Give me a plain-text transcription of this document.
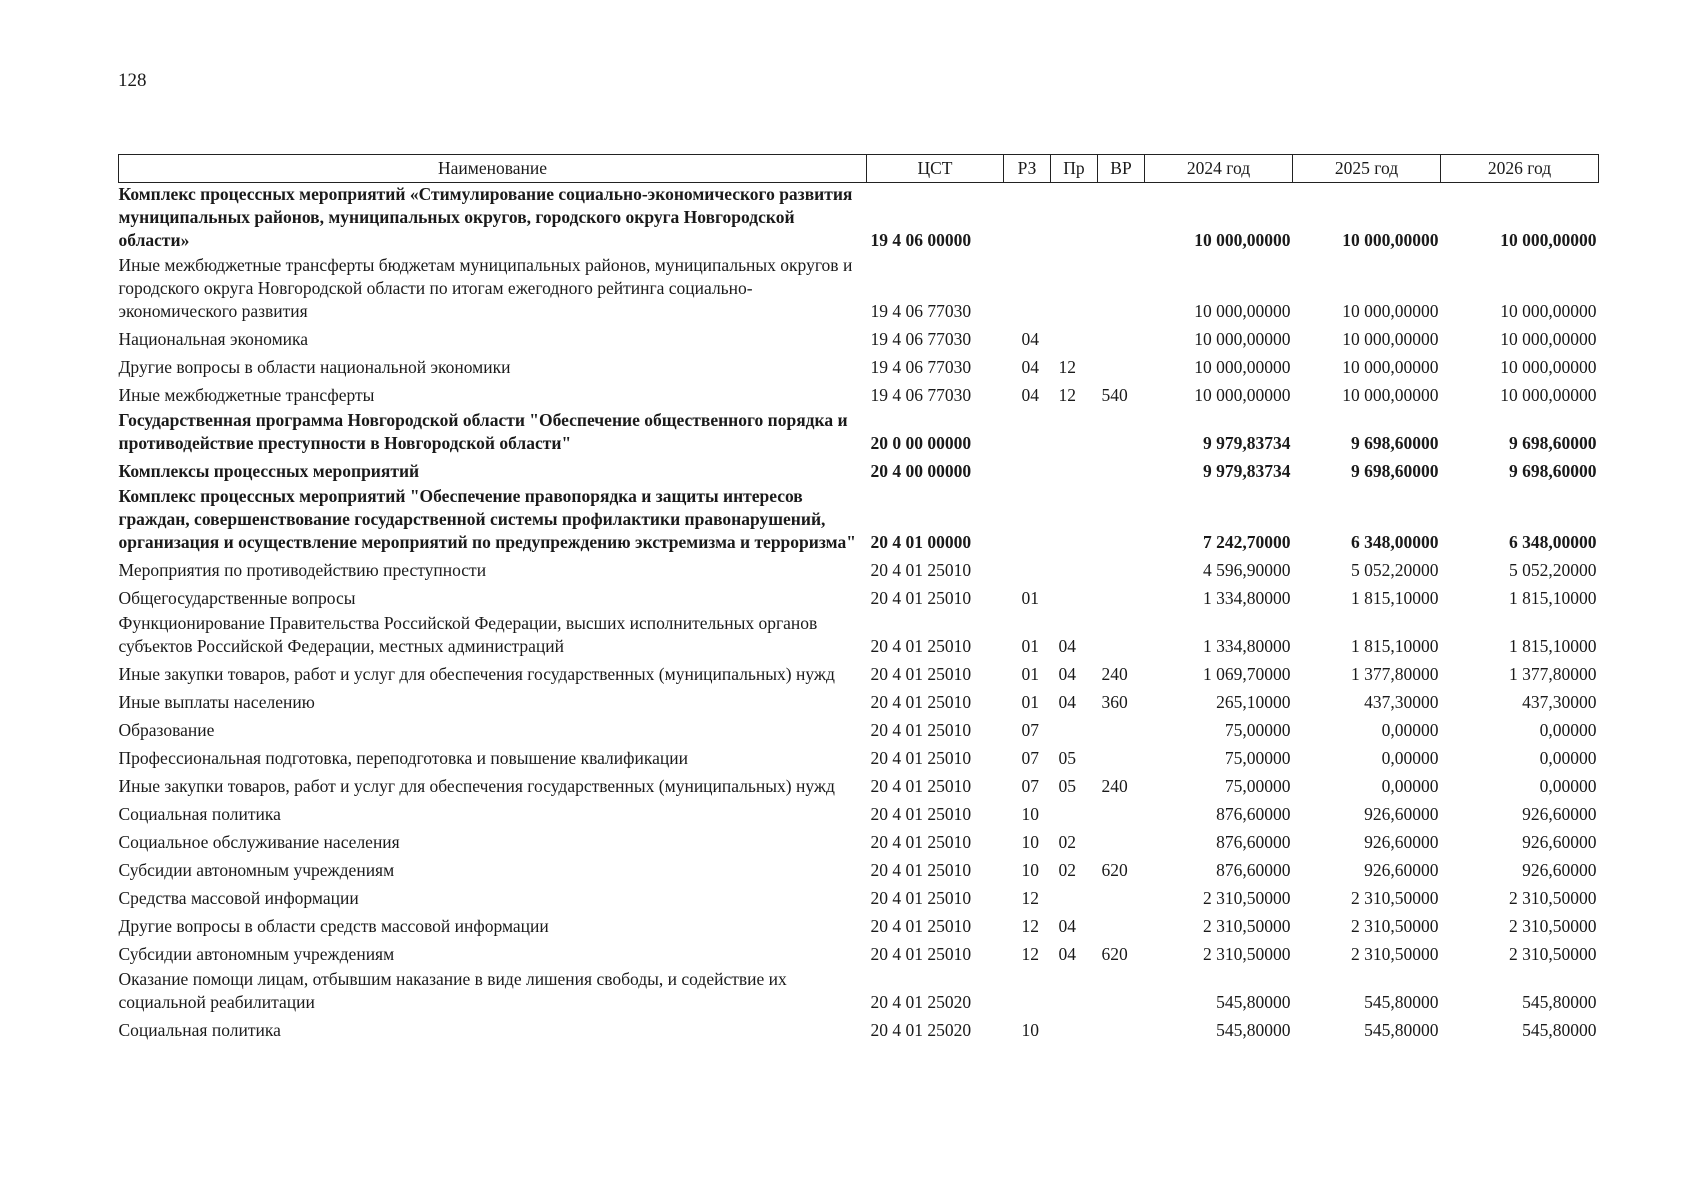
128
Наименование	ЦСТ	РЗ	Пр	ВР	2024 год	2025 год	2026 год
Комплекс процессных мероприятий «Стимулирование социально-экономического развития муниципальных районов, муниципальных округов, городского округа Новгородской области»	19 4 06 00000				10 000,00000	10 000,00000	10 000,00000
Иные межбюджетные трансферты бюджетам муниципальных районов, муниципальных округов и городского округа Новгородской области по итогам ежегодного рейтинга социально-экономического развития	19 4 06 77030				10 000,00000	10 000,00000	10 000,00000
Национальная экономика	19 4 06 77030	04			10 000,00000	10 000,00000	10 000,00000
Другие вопросы в области национальной экономики	19 4 06 77030	04	12		10 000,00000	10 000,00000	10 000,00000
Иные межбюджетные трансферты	19 4 06 77030	04	12	540	10 000,00000	10 000,00000	10 000,00000
Государственная программа Новгородской области "Обеспечение общественного порядка и противодействие преступности в Новгородской области"	20 0 00 00000				9 979,83734	9 698,60000	9 698,60000
Комплексы процессных мероприятий	20 4 00 00000				9 979,83734	9 698,60000	9 698,60000
Комплекс процессных мероприятий "Обеспечение правопорядка и защиты интересов граждан, совершенствование государственной системы профилактики правонарушений, организация и осуществление мероприятий по предупреждению экстремизма и терроризма"	20 4 01 00000				7 242,70000	6 348,00000	6 348,00000
Мероприятия по противодействию преступности	20 4 01 25010				4 596,90000	5 052,20000	5 052,20000
Общегосударственные вопросы	20 4 01 25010	01			1 334,80000	1 815,10000	1 815,10000
Функционирование Правительства Российской Федерации, высших исполнительных органов субъектов Российской Федерации, местных администраций	20 4 01 25010	01	04		1 334,80000	1 815,10000	1 815,10000
Иные закупки товаров, работ и услуг для обеспечения государственных (муниципальных) нужд	20 4 01 25010	01	04	240	1 069,70000	1 377,80000	1 377,80000
Иные выплаты населению	20 4 01 25010	01	04	360	265,10000	437,30000	437,30000
Образование	20 4 01 25010	07			75,00000	0,00000	0,00000
Профессиональная подготовка, переподготовка и повышение квалификации	20 4 01 25010	07	05		75,00000	0,00000	0,00000
Иные закупки товаров, работ и услуг для обеспечения государственных (муниципальных) нужд	20 4 01 25010	07	05	240	75,00000	0,00000	0,00000
Социальная политика	20 4 01 25010	10			876,60000	926,60000	926,60000
Социальное обслуживание населения	20 4 01 25010	10	02		876,60000	926,60000	926,60000
Субсидии автономным учреждениям	20 4 01 25010	10	02	620	876,60000	926,60000	926,60000
Средства массовой информации	20 4 01 25010	12			2 310,50000	2 310,50000	2 310,50000
Другие вопросы в области средств массовой информации	20 4 01 25010	12	04		2 310,50000	2 310,50000	2 310,50000
Субсидии автономным учреждениям	20 4 01 25010	12	04	620	2 310,50000	2 310,50000	2 310,50000
Оказание помощи лицам, отбывшим наказание в виде лишения свободы, и содействие их социальной реабилитации	20 4 01 25020				545,80000	545,80000	545,80000
Социальная политика	20 4 01 25020	10			545,80000	545,80000	545,80000
